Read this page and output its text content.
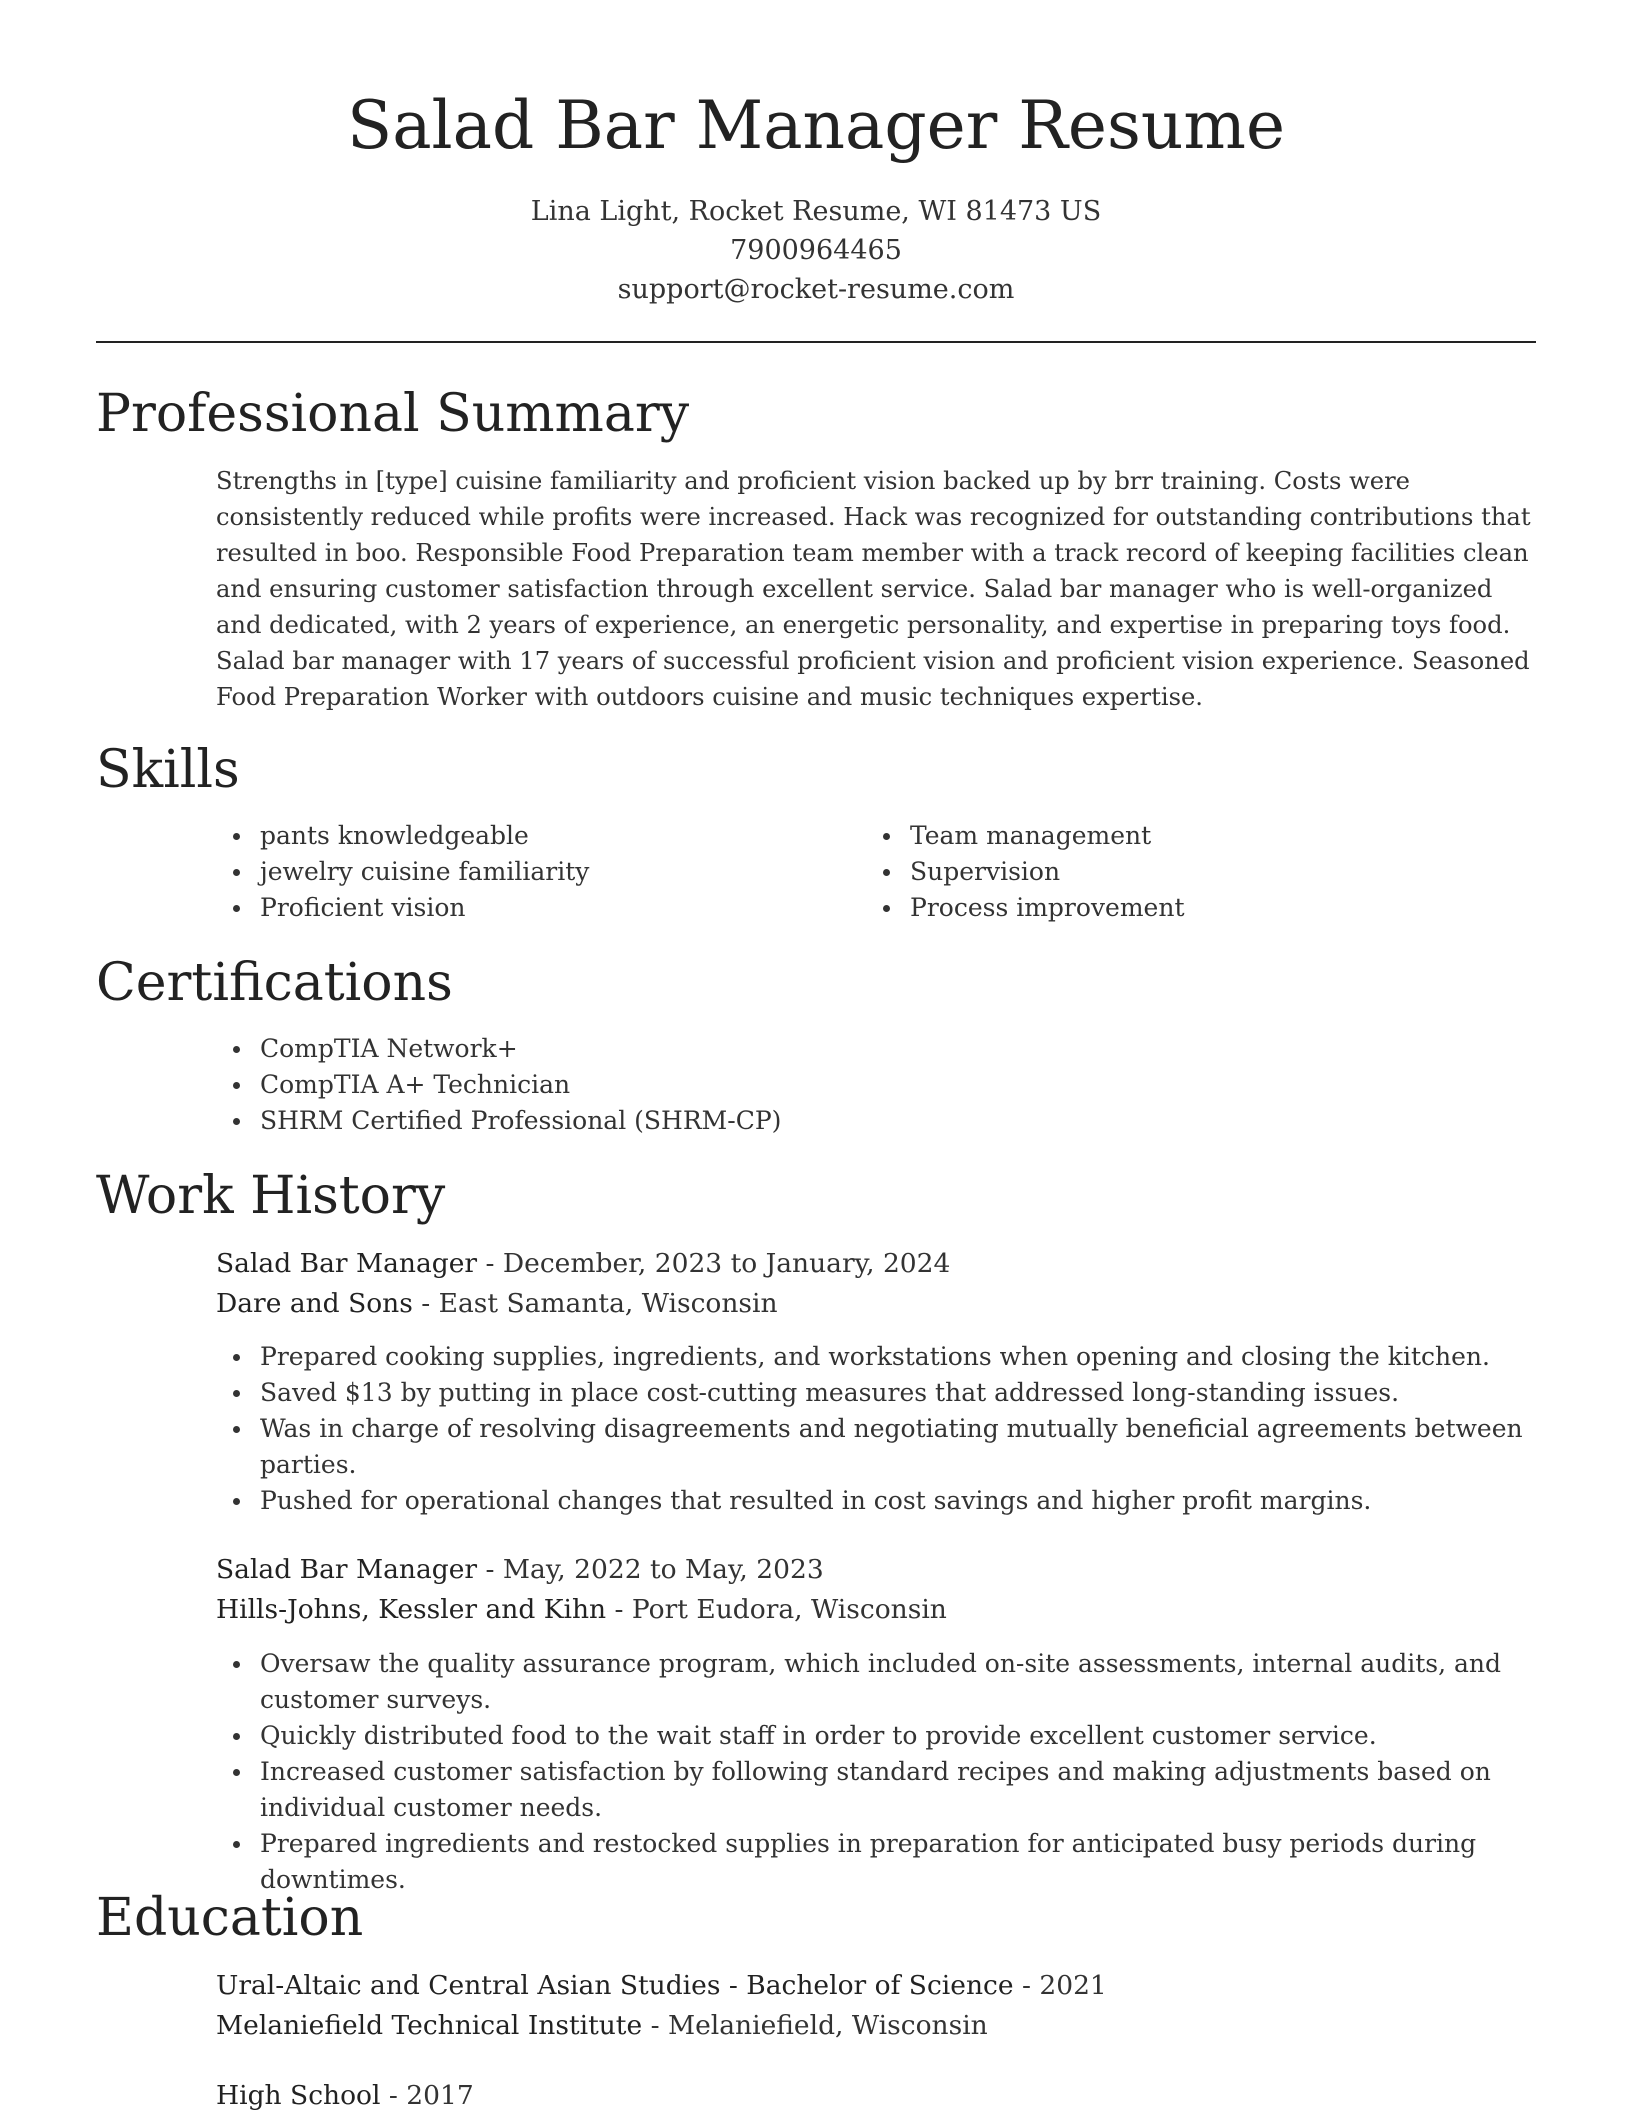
Salad Bar Manager Resume
Lina Light, Rocket Resume, WI 81473 US
7900964465
support@rocket-resume.com
Professional Summary

Strengths in [type] cuisine familiarity and proficient vision backed up by brr training. Costs were consistently reduced while profits were increased. Hack was recognized for outstanding contributions that resulted in boo. Responsible Food Preparation team member with a track record of keeping facilities clean and ensuring customer satisfaction through excellent service. Salad bar manager who is well-organized and dedicated, with 2 years of experience, an energetic personality, and expertise in preparing toys food. Salad bar manager with 17 years of successful proficient vision and proficient vision experience. Seasoned Food Preparation Worker with outdoors cuisine and music techniques expertise.

Skills
pants knowledgeable
jewelry cuisine familiarity
Proficient vision
Team management
Supervision
Process improvement
Certifications
CompTIA Network+
CompTIA A+ Technician
SHRM Certified Professional (SHRM-CP)
Work History
Salad Bar Manager - December, 2023 to January, 2024
Dare and Sons - East Samanta, Wisconsin
Prepared cooking supplies, ingredients, and workstations when opening and closing the kitchen.
Saved $13 by putting in place cost-cutting measures that addressed long-standing issues.
Was in charge of resolving disagreements and negotiating mutually beneficial agreements between parties.
Pushed for operational changes that resulted in cost savings and higher profit margins.
Salad Bar Manager - May, 2022 to May, 2023
Hills-Johns, Kessler and Kihn - Port Eudora, Wisconsin
Oversaw the quality assurance program, which included on-site assessments, internal audits, and customer surveys.
Quickly distributed food to the wait staff in order to provide excellent customer service.
Increased customer satisfaction by following standard recipes and making adjustments based on individual customer needs.
Prepared ingredients and restocked supplies in preparation for anticipated busy periods during downtimes.
Education
Ural-Altaic and Central Asian Studies - Bachelor of Science - 2021
Melaniefield Technical Institute - Melaniefield, Wisconsin
High School - 2017
